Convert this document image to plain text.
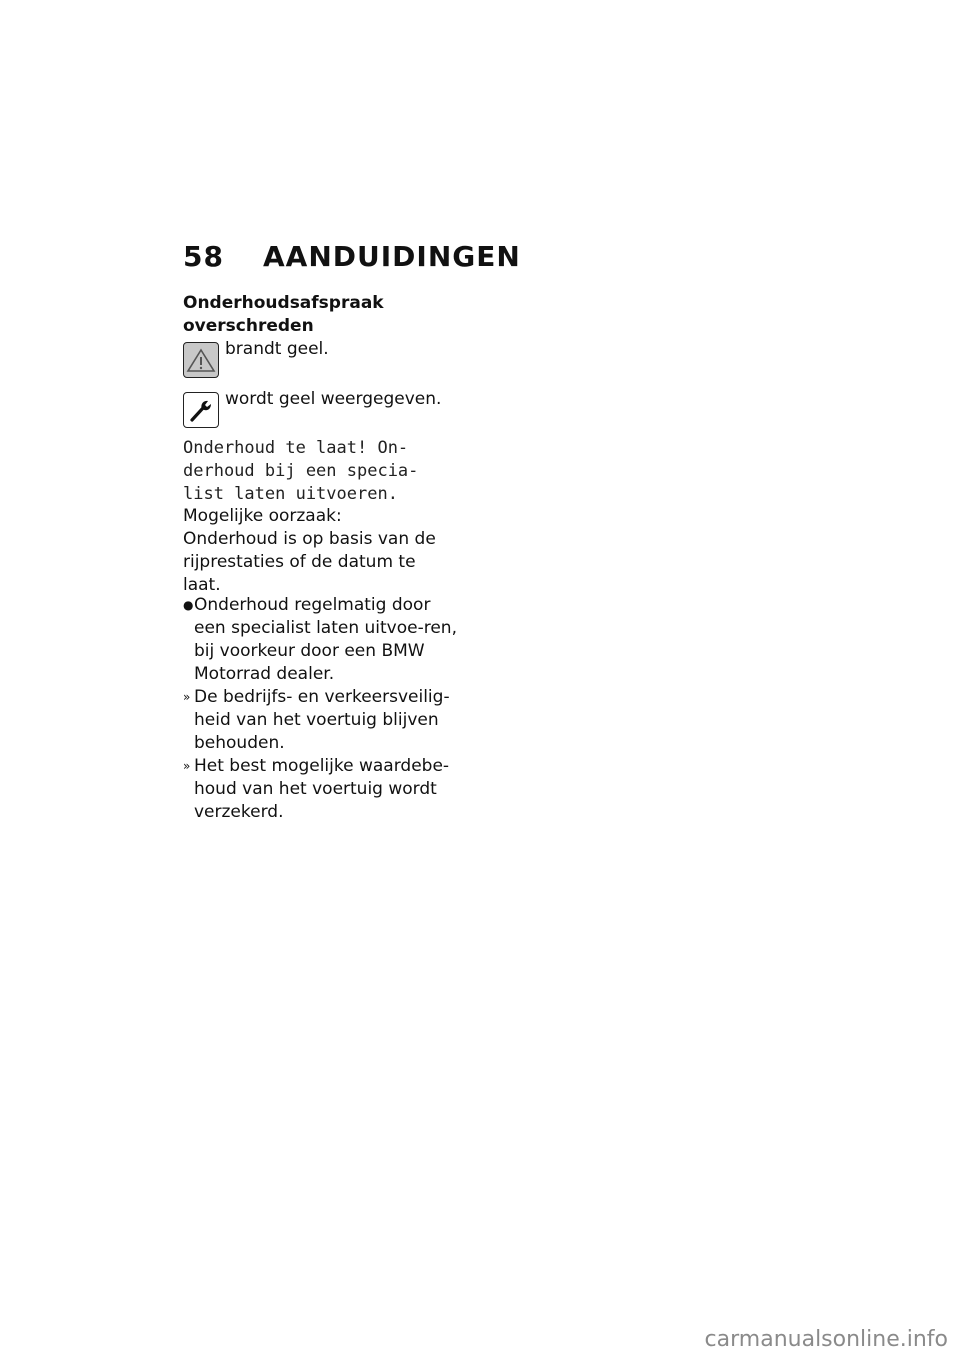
58 AANDUIDINGEN
Onderhoudsafspraak overschreden
brandt geel.
wordt geel weergegeven.
Onderhoud te laat! On-
derhoud bij een specia-
list laten uitvoeren.
Mogelijke oorzaak:
Onderhoud is op basis van de rijprestaties of de datum te laat.
● Onderhoud regelmatig door een specialist laten uitvoe-ren, bij voorkeur door een BMW Motorrad dealer.
» De bedrijfs- en verkeersveilig-heid van het voertuig blijven behouden.
» Het best mogelijke waardebe-houd van het voertuig wordt verzekerd.
carmanualsonline.info
